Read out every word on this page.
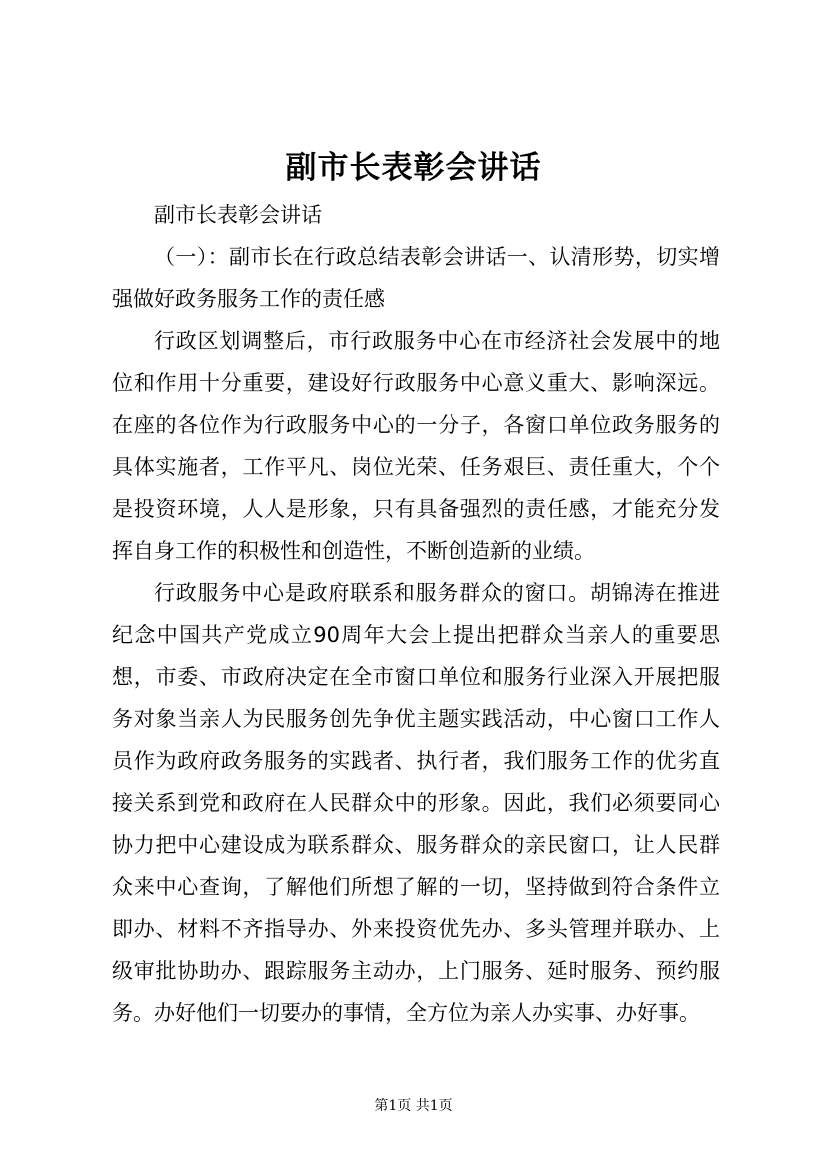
副市长表彰会讲话

副市长表彰会讲话

（一）：副市长在行政总结表彰会讲话一、认清形势，切实增强做好政务服务工作的责任感

行政区划调整后，市行政服务中心在市经济社会发展中的地位和作用十分重要，建设好行政服务中心意义重大、影响深远。在座的各位作为行政服务中心的一分子，各窗口单位政务服务的具体实施者，工作平凡、岗位光荣、任务艰巨、责任重大，个个是投资环境，人人是形象，只有具备强烈的责任感，才能充分发挥自身工作的积极性和创造性，不断创造新的业绩。

行政服务中心是政府联系和服务群众的窗口。胡锦涛在推进纪念中国共产党成立90周年大会上提出把群众当亲人的重要思想，市委、市政府决定在全市窗口单位和服务行业深入开展把服务对象当亲人为民服务创先争优主题实践活动，中心窗口工作人员作为政府政务服务的实践者、执行者，我们服务工作的优劣直接关系到党和政府在人民群众中的形象。因此，我们必须要同心协力把中心建设成为联系群众、服务群众的亲民窗口，让人民群众来中心查询，了解他们所想了解的一切，坚持做到符合条件立即办、材料不齐指导办、外来投资优先办、多头管理并联办、上级审批协助办、跟踪服务主动办，上门服务、延时服务、预约服务。办好他们一切要办的事情，全方位为亲人办实事、办好事。

第1页 共1页
